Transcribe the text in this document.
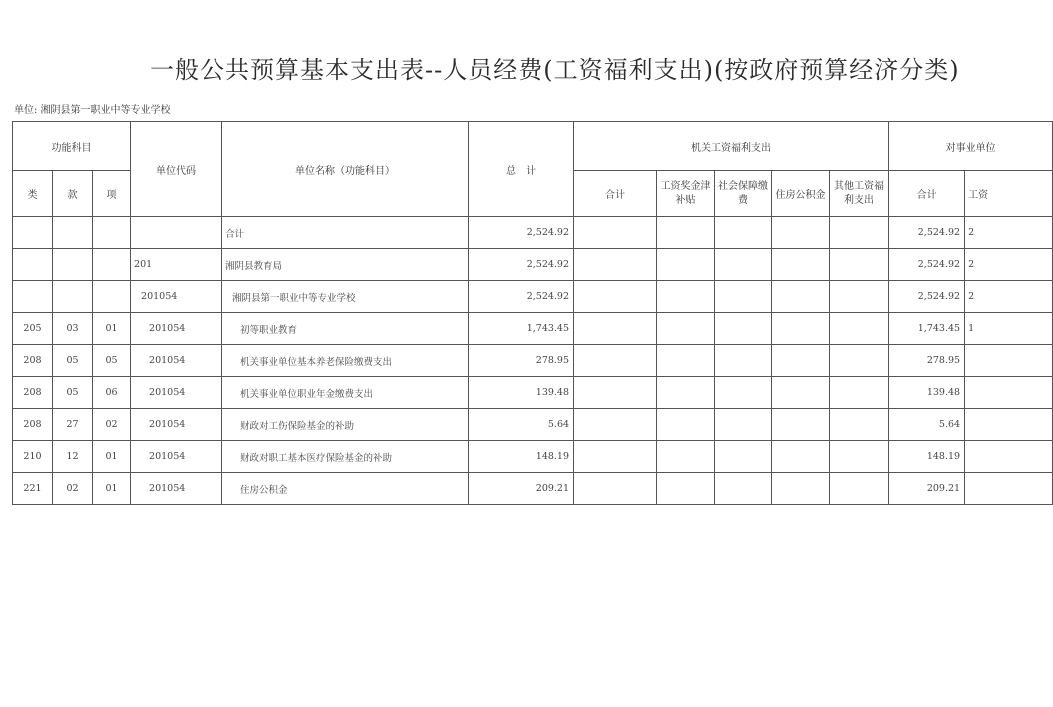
一般公共预算基本支出表--人员经费(工资福利支出)(按政府预算经济分类)
单位: 湘阴县第一职业中等专业学校
功能科目			单位代码	单位名称（功能科目）	总　计	机关工资福利支出					对事业单位	
类	款	项				合计	工资奖金津补贴	社会保障缴费	住房公积金	其他工资福利支出	合计	工资
				合计	2,524.92						2,524.92	2
			201	湘阴县教育局	2,524.92						2,524.92	2
			201054	湘阴县第一职业中等专业学校	2,524.92						2,524.92	2
205	03	01	201054	初等职业教育	1,743.45						1,743.45	1
208	05	05	201054	机关事业单位基本养老保险缴费支出	278.95						278.95	
208	05	06	201054	机关事业单位职业年金缴费支出	139.48						139.48	
208	27	02	201054	财政对工伤保险基金的补助	5.64						5.64	
210	12	01	201054	财政对职工基本医疗保险基金的补助	148.19						148.19	
221	02	01	201054	住房公积金	209.21						209.21	
